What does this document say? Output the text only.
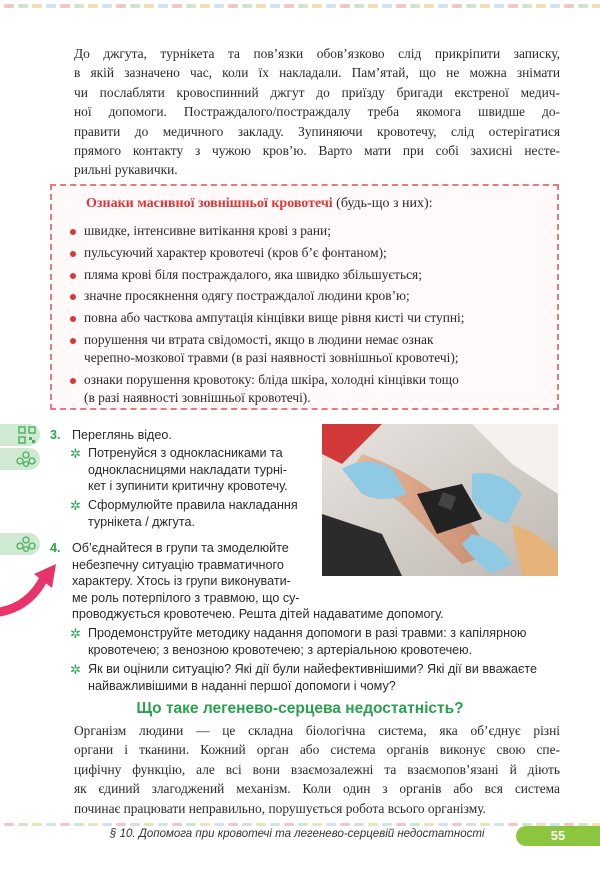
До джгута, турнікета та пов’язки обов’язково слід прикріпити записку,
в якій зазначено час, коли їх накладали. Пам’ятай, що не можна знімати
чи послабляти кровоспинний джгут до приїзду бригади екстреної медич-
ної допомоги. Постраждалого/постраждалу треба якомога швидше до-
правити до медичного закладу. Зупиняючи кровотечу, слід остерігатися
прямого контакту з чужою кров’ю. Варто мати при собі захисні несте-
рильні рукавички.
Ознаки масивної зовнішньої кровотечі (будь-що з них):
швидке, інтенсивне витікання крові з рани;
пульсуючий характер кровотечі (кров б’є фонтаном);
пляма крові біля постраждалого, яка швидко збільшується;
значне просякнення одягу постраждалої людини кров’ю;
повна або часткова ампутація кінцівки вище рівня кисті чи ступні;
порушення чи втрата свідомості, якщо в людини немає ознак
черепно-мозкової травми (в разі наявності зовнішньої кровотечі);
ознаки порушення кровотоку: бліда шкіра, холодні кінцівки тощо
(в разі наявності зовнішньої кровотечі).
3. Переглянь відео.
✲ Потренуйся з однокласниками та
однокласницями накладати турні-
кет і зупинити критичну кровотечу.
✲ Сформулюйте правила накладання
турнікета / джгута.
4. Об’єднайтеся в групи та змоделюйте
небезпечну ситуацію травматичного
характеру. Хтось із групи виконувати-
ме роль потерпілого з травмою, що су-
проводжується кровотечею. Решта дітей надаватиме допомогу.
✲ Продемонструйте методику надання допомоги в разі травми: з капілярною
кровотечею; з венозною кровотечею; з артеріальною кровотечею.
✲ Як ви оцінили ситуацію? Які дії були найефективнішими? Які дії ви вважаєте
найважливішими в наданні першої допомоги і чому?
Що таке легенево-серцева недостатність?
Організм людини — це складна біологічна система, яка об’єднує різні
органи і тканини. Кожний орган або система органів виконує свою спе-
цифічну функцію, але всі вони взаємозалежні та взаємопов’язані й діють
як єдиний злагоджений механізм. Коли один з органів або вся система
починає працювати неправильно, порушується робота всього організму.
§ 10. Допомога при кровотечі та легенево-серцевій недостатності	55
